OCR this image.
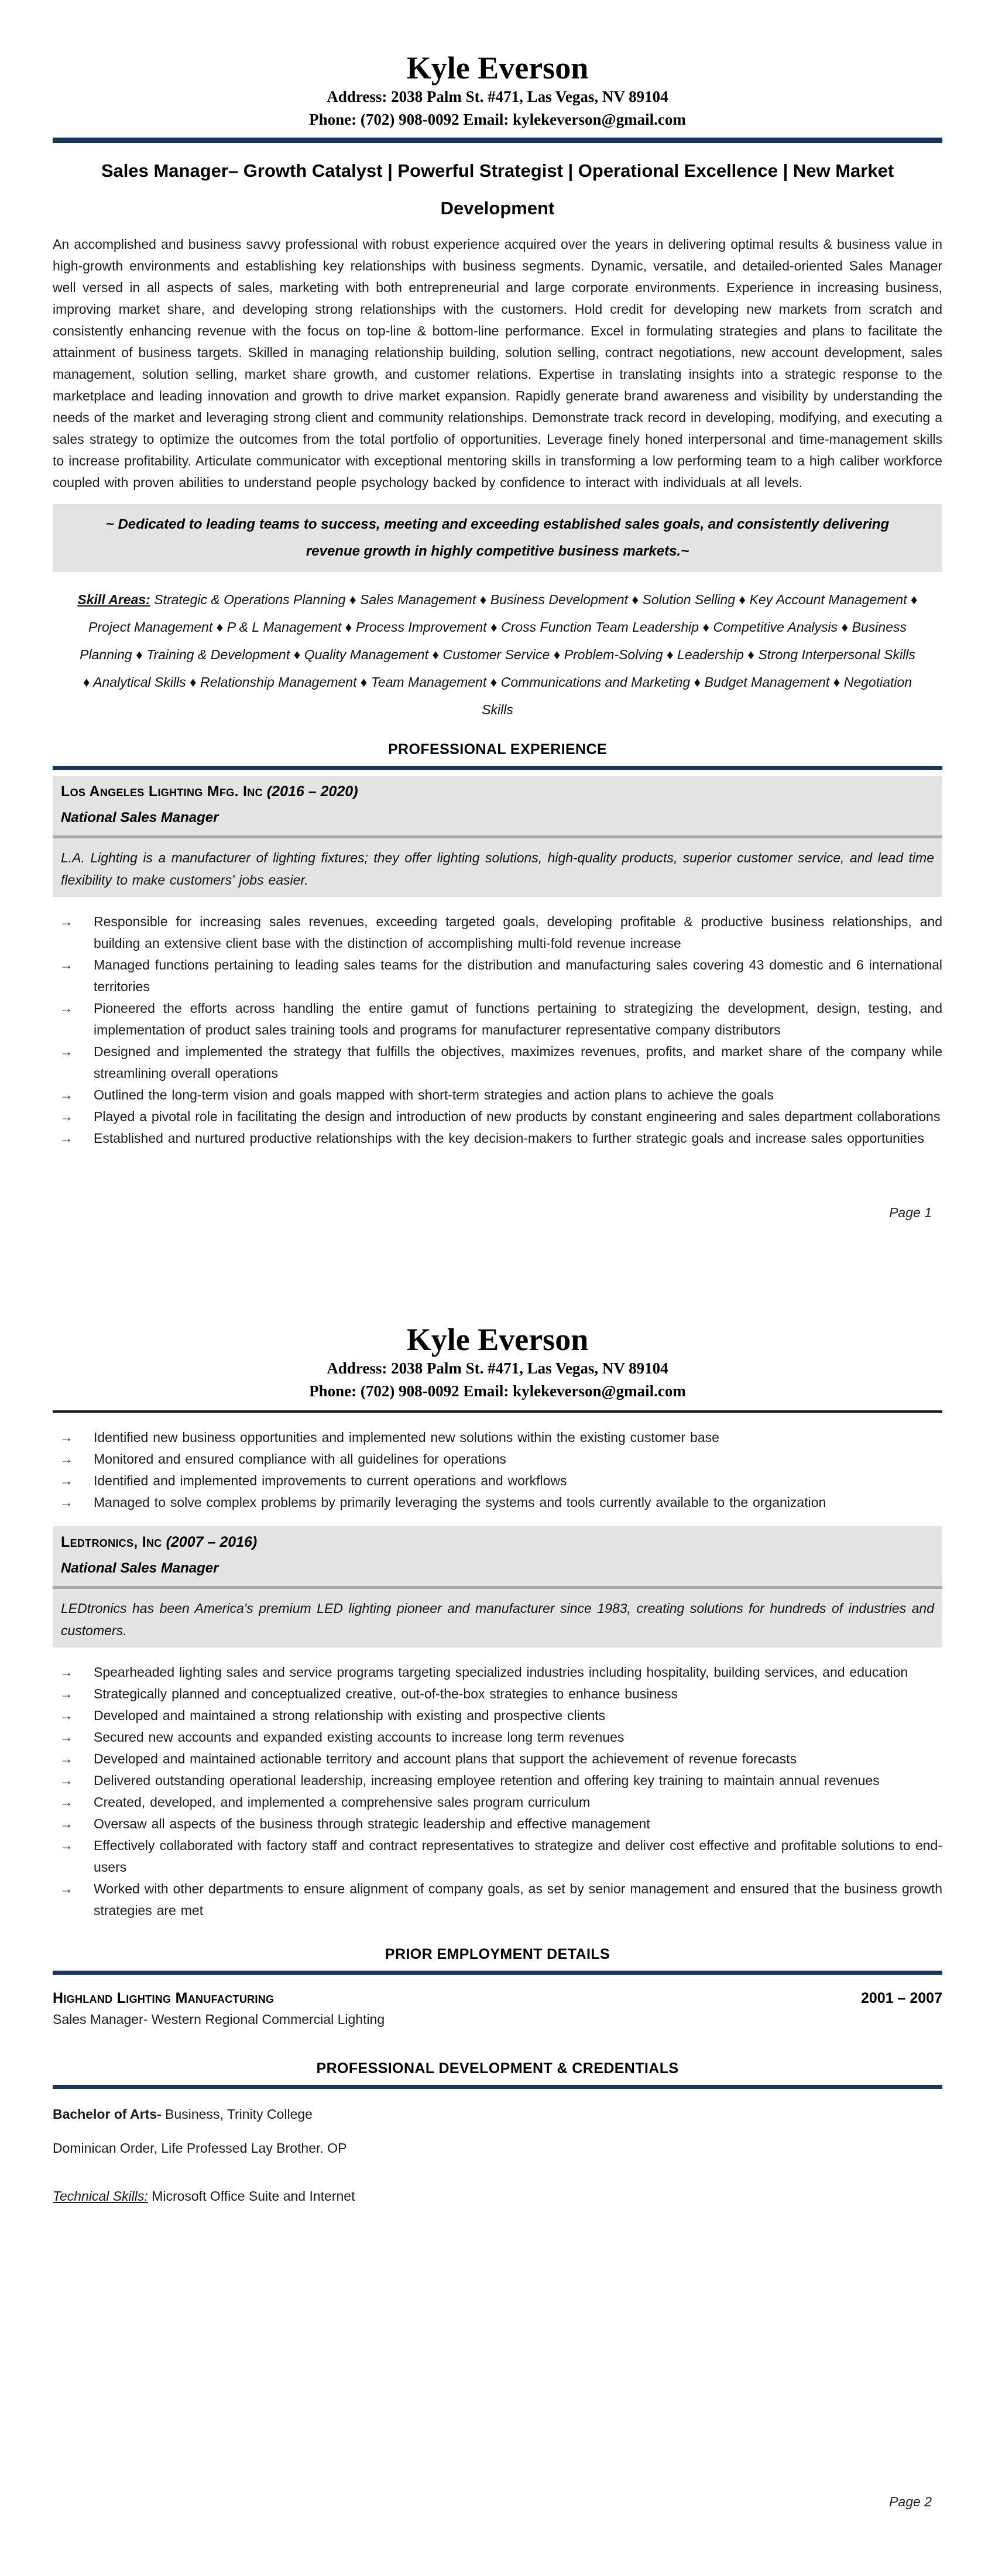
Kyle Everson
Address: 2038 Palm St. #471, Las Vegas, NV 89104
Phone: (702) 908-0092 Email: kylekeverson@gmail.com
Sales Manager– Growth Catalyst | Powerful Strategist | Operational Excellence | New Market Development

An accomplished and business savvy professional with robust experience acquired over the years in delivering optimal results & business value in high-growth environments and establishing key relationships with business segments. Dynamic, versatile, and detailed-oriented Sales Manager well versed in all aspects of sales, marketing with both entrepreneurial and large corporate environments. Experience in increasing business, improving market share, and developing strong relationships with the customers. Hold credit for developing new markets from scratch and consistently enhancing revenue with the focus on top-line & bottom-line performance. Excel in formulating strategies and plans to facilitate the attainment of business targets. Skilled in managing relationship building, solution selling, contract negotiations, new account development, sales management, solution selling, market share growth, and customer relations. Expertise in translating insights into a strategic response to the marketplace and leading innovation and growth to drive market expansion. Rapidly generate brand awareness and visibility by understanding the needs of the market and leveraging strong client and community relationships. Demonstrate track record in developing, modifying, and executing a sales strategy to optimize the outcomes from the total portfolio of opportunities. Leverage finely honed interpersonal and time-management skills to increase profitability. Articulate communicator with exceptional mentoring skills in transforming a low performing team to a high caliber workforce coupled with proven abilities to understand people psychology backed by confidence to interact with individuals at all levels.

~ Dedicated to leading teams to success, meeting and exceeding established sales goals, and consistently delivering revenue growth in highly competitive business markets.~

Skill Areas: Strategic & Operations Planning ♦ Sales Management ♦ Business Development ♦ Solution Selling ♦ Key Account Management ♦ Project Management ♦ P & L Management ♦ Process Improvement ♦ Cross Function Team Leadership ♦ Competitive Analysis ♦ Business Planning ♦ Training & Development ♦ Quality Management ♦ Customer Service ♦ Problem-Solving ♦ Leadership ♦ Strong Interpersonal Skills ♦ Analytical Skills ♦ Relationship Management ♦ Team Management ♦ Communications and Marketing ♦ Budget Management ♦ Negotiation Skills

PROFESSIONAL EXPERIENCE
Los Angeles Lighting Mfg. Inc (2016 – 2020)
National Sales Manager

L.A. Lighting is a manufacturer of lighting fixtures; they offer lighting solutions, high-quality products, superior customer service, and lead time flexibility to make customers' jobs easier.

→ Responsible for increasing sales revenues, exceeding targeted goals, developing profitable & productive business relationships, and building an extensive client base with the distinction of accomplishing multi-fold revenue increase
→ Managed functions pertaining to leading sales teams for the distribution and manufacturing sales covering 43 domestic and 6 international territories
→ Pioneered the efforts across handling the entire gamut of functions pertaining to strategizing the development, design, testing, and implementation of product sales training tools and programs for manufacturer representative company distributors
→ Designed and implemented the strategy that fulfills the objectives, maximizes revenues, profits, and market share of the company while streamlining overall operations
→ Outlined the long-term vision and goals mapped with short-term strategies and action plans to achieve the goals
→ Played a pivotal role in facilitating the design and introduction of new products by constant engineering and sales department collaborations
→ Established and nurtured productive relationships with the key decision-makers to further strategic goals and increase sales opportunities
Page 1
Kyle Everson
Address: 2038 Palm St. #471, Las Vegas, NV 89104
Phone: (702) 908-0092 Email: kylekeverson@gmail.com
→ Identified new business opportunities and implemented new solutions within the existing customer base
→ Monitored and ensured compliance with all guidelines for operations
→ Identified and implemented improvements to current operations and workflows
→ Managed to solve complex problems by primarily leveraging the systems and tools currently available to the organization
Ledtronics, Inc (2007 – 2016)
National Sales Manager

LEDtronics has been America's premium LED lighting pioneer and manufacturer since 1983, creating solutions for hundreds of industries and customers.

→ Spearheaded lighting sales and service programs targeting specialized industries including hospitality, building services, and education
→ Strategically planned and conceptualized creative, out-of-the-box strategies to enhance business
→ Developed and maintained a strong relationship with existing and prospective clients
→ Secured new accounts and expanded existing accounts to increase long term revenues
→ Developed and maintained actionable territory and account plans that support the achievement of revenue forecasts
→ Delivered outstanding operational leadership, increasing employee retention and offering key training to maintain annual revenues
→ Created, developed, and implemented a comprehensive sales program curriculum
→ Oversaw all aspects of the business through strategic leadership and effective management
→ Effectively collaborated with factory staff and contract representatives to strategize and deliver cost effective and profitable solutions to end-users
→ Worked with other departments to ensure alignment of company goals, as set by senior management and ensured that the business growth strategies are met
PRIOR EMPLOYMENT DETAILS
Highland Lighting Manufacturing	2001 – 2007
Sales Manager- Western Regional Commercial Lighting
PROFESSIONAL DEVELOPMENT & CREDENTIALS
Bachelor of Arts- Business, Trinity College
Dominican Order, Life Professed Lay Brother. OP
Technical Skills: Microsoft Office Suite and Internet
Page 2
